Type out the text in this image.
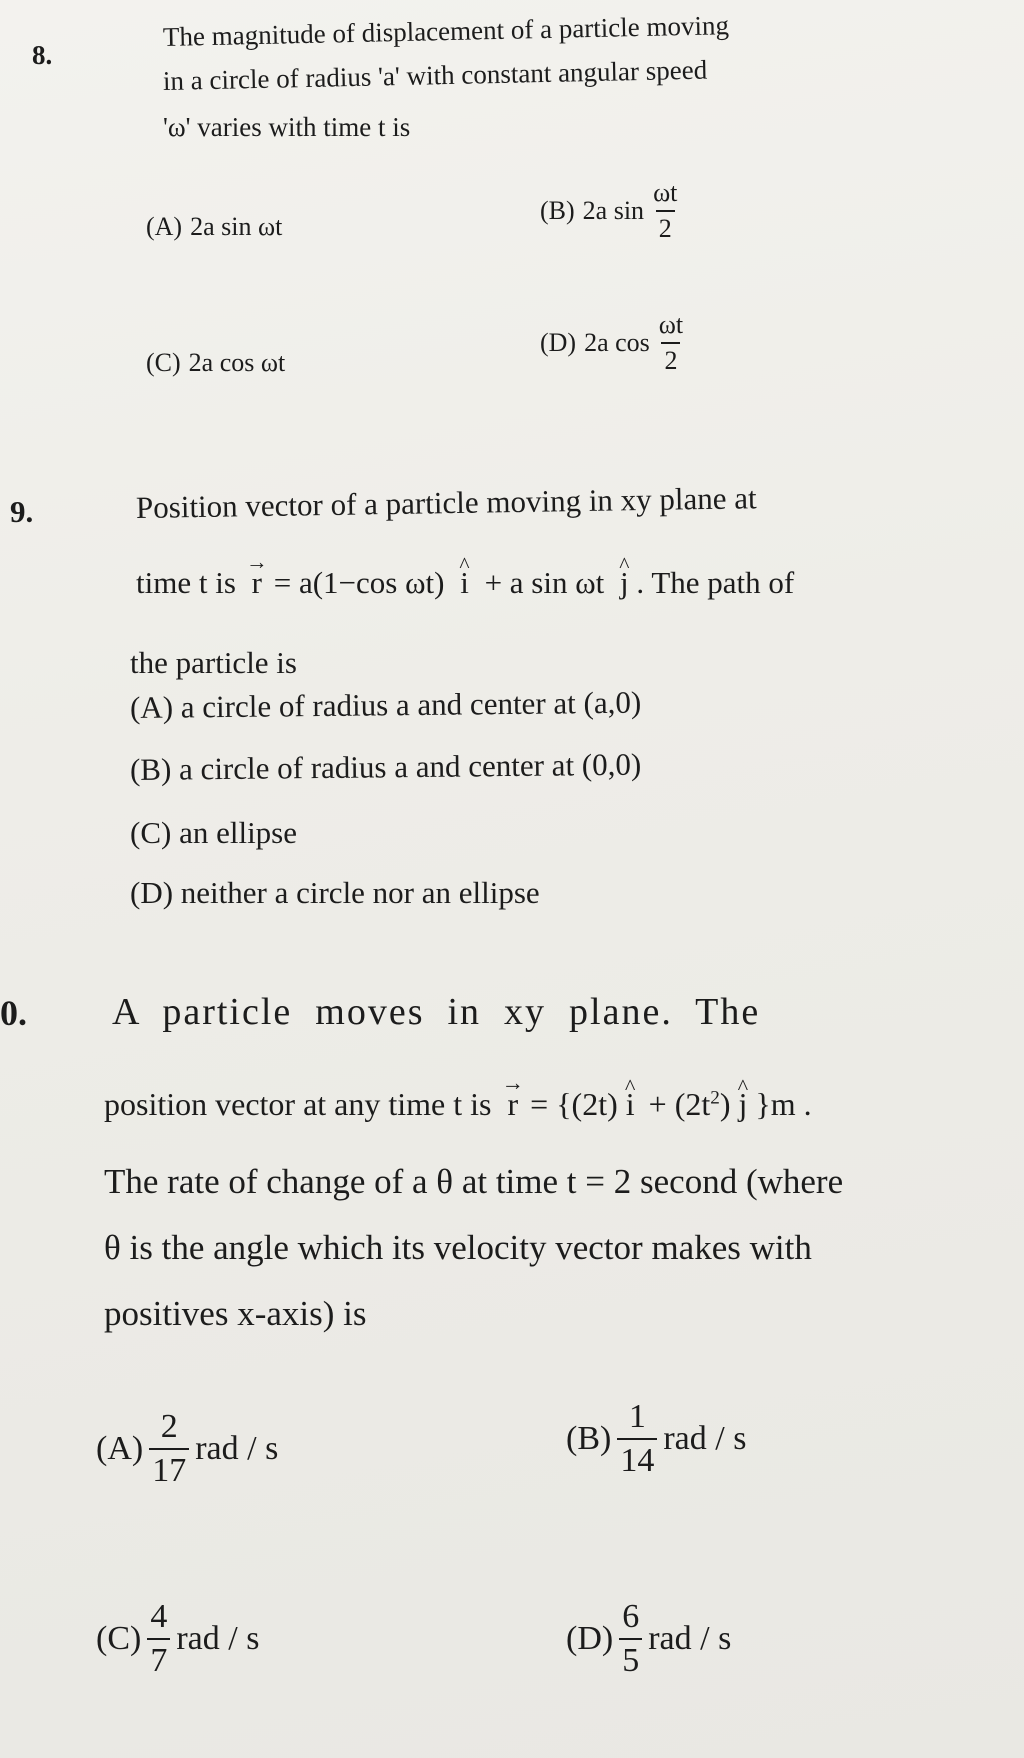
8.
The magnitude of displacement of a particle moving
in a circle of radius 'a' with constant angular speed
'ω' varies with time t is
(A) 2a sin ωt
(B) 2a $\sin \frac{\omega t}{2}$
(C) 2a cos ωt
(D) 2a $\cos \frac{\omega t}{2}$
9.	Position vector of a particle moving in xy plane at
time t is → r = a(1−cos ωt) ^ i + a sin ωt ^ j . The path of
the particle is
(A) a circle of radius a and center at (a,0)
(B) a circle of radius a and center at (0,0)
(C) an ellipse
(D) neither a circle nor an ellipse
0. A  particle  moves  in  xy  plane.  The
position vector at any time t is → r = {(2t) ^ $i + (2t^2)$ ^ j }m .
The rate of change of a θ at time t = 2 second (where
θ is the angle which its velocity vector makes with
positives x-axis) is
$(A) \frac{2}{17}$ rad / s	$(B) \frac{1}{14}$ rad / s
$(C) \frac{4}{7}$ rad / s	$(D) \frac{6}{5}$ rad / s
